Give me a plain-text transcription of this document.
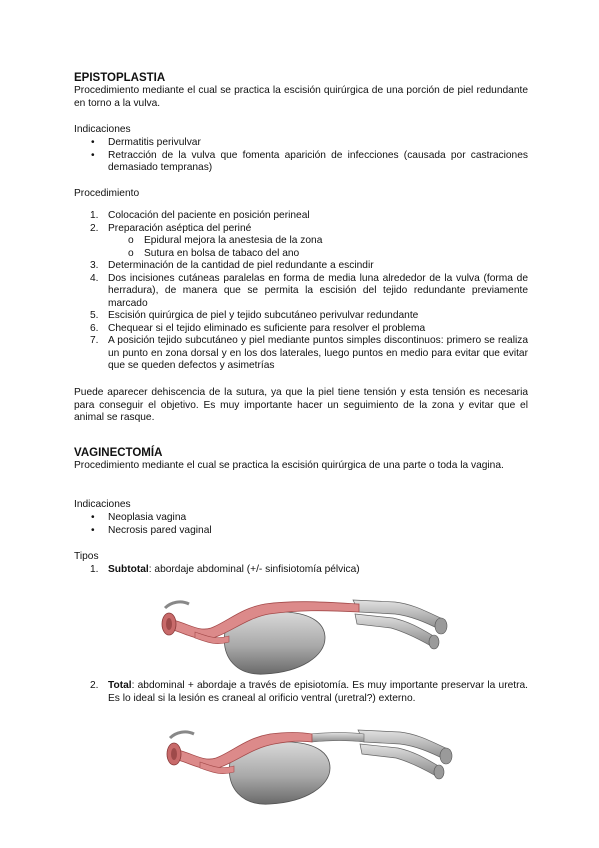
EPISTOPLASTIA
Procedimiento mediante el cual se practica la escisión quirúrgica de una porción de piel redundante en torno a la vulva.
Indicaciones
• Dermatitis perivulvar
• Retracción de la vulva que fomenta aparición de infecciones (causada por castraciones demasiado tempranas)
Procedimiento
1. Colocación del paciente en posición perineal
2. Preparación aséptica del periné
o Epidural mejora la anestesia de la zona
o Sutura en bolsa de tabaco del ano
3. Determinación de la cantidad de piel redundante a escindir
4. Dos incisiones cutáneas paralelas en forma de media luna alrededor de la vulva (forma de herradura), de manera que se permita la escisión del tejido redundante previamente marcado
5. Escisión quirúrgica de piel y tejido subcutáneo perivulvar redundante
6. Chequear si el tejido eliminado es suficiente para resolver el problema
7. A posición tejido subcutáneo y piel mediante puntos simples discontinuos: primero se realiza un punto en zona dorsal y en los dos laterales, luego puntos en medio para evitar que evitar que se queden defectos y asimetrías
Puede aparecer dehiscencia de la sutura, ya que la piel tiene tensión y esta tensión es necesaria para conseguir el objetivo. Es muy importante hacer un seguimiento de la zona y evitar que el animal se rasque.
VAGINECTOMÍA
Procedimiento mediante el cual se practica la escisión quirúrgica de una parte o toda la vagina.
Indicaciones
• Neoplasia vagina
• Necrosis pared vaginal
Tipos
1. Subtotal: abordaje abdominal (+/- sinfisiotomía pélvica)
2. Total: abdominal + abordaje a través de episiotomía. Es muy importante preservar la uretra. Es lo ideal si la lesión es craneal al orificio ventral (uretral?) externo.
